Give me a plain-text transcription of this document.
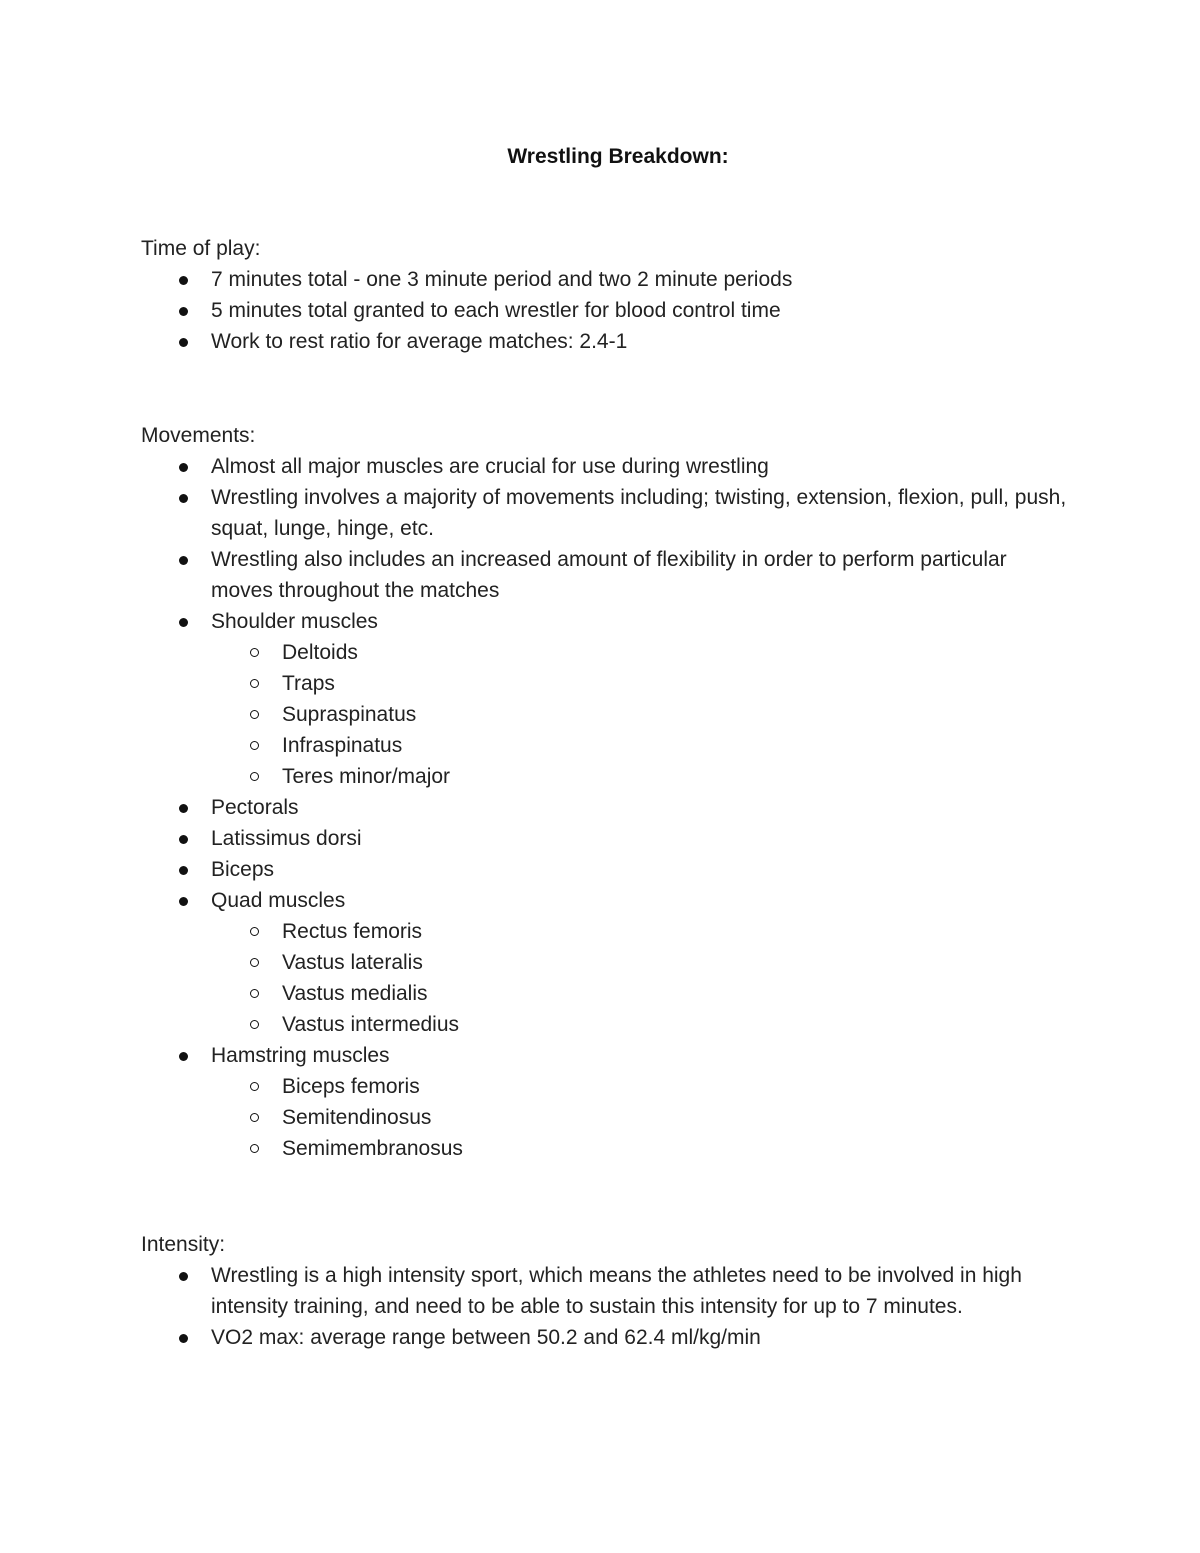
Wrestling Breakdown:
Time of play:
7 minutes total - one 3 minute period and two 2 minute periods
5 minutes total granted to each wrestler for blood control time
Work to rest ratio for average matches: 2.4-1
Movements:
Almost all major muscles are crucial for use during wrestling
Wrestling involves a majority of movements including; twisting, extension, flexion, pull, push, squat, lunge, hinge, etc.
Wrestling also includes an increased amount of flexibility in order to perform particular moves throughout the matches
Shoulder muscles
Deltoids
Traps
Supraspinatus
Infraspinatus
Teres minor/major
Pectorals
Latissimus dorsi
Biceps
Quad muscles
Rectus femoris
Vastus lateralis
Vastus medialis
Vastus intermedius
Hamstring muscles
Biceps femoris
Semitendinosus
Semimembranosus
Intensity:
Wrestling is a high intensity sport, which means the athletes need to be involved in high intensity training, and need to be able to sustain this intensity for up to 7 minutes.
VO2 max: average range between 50.2 and 62.4 ml/kg/min
